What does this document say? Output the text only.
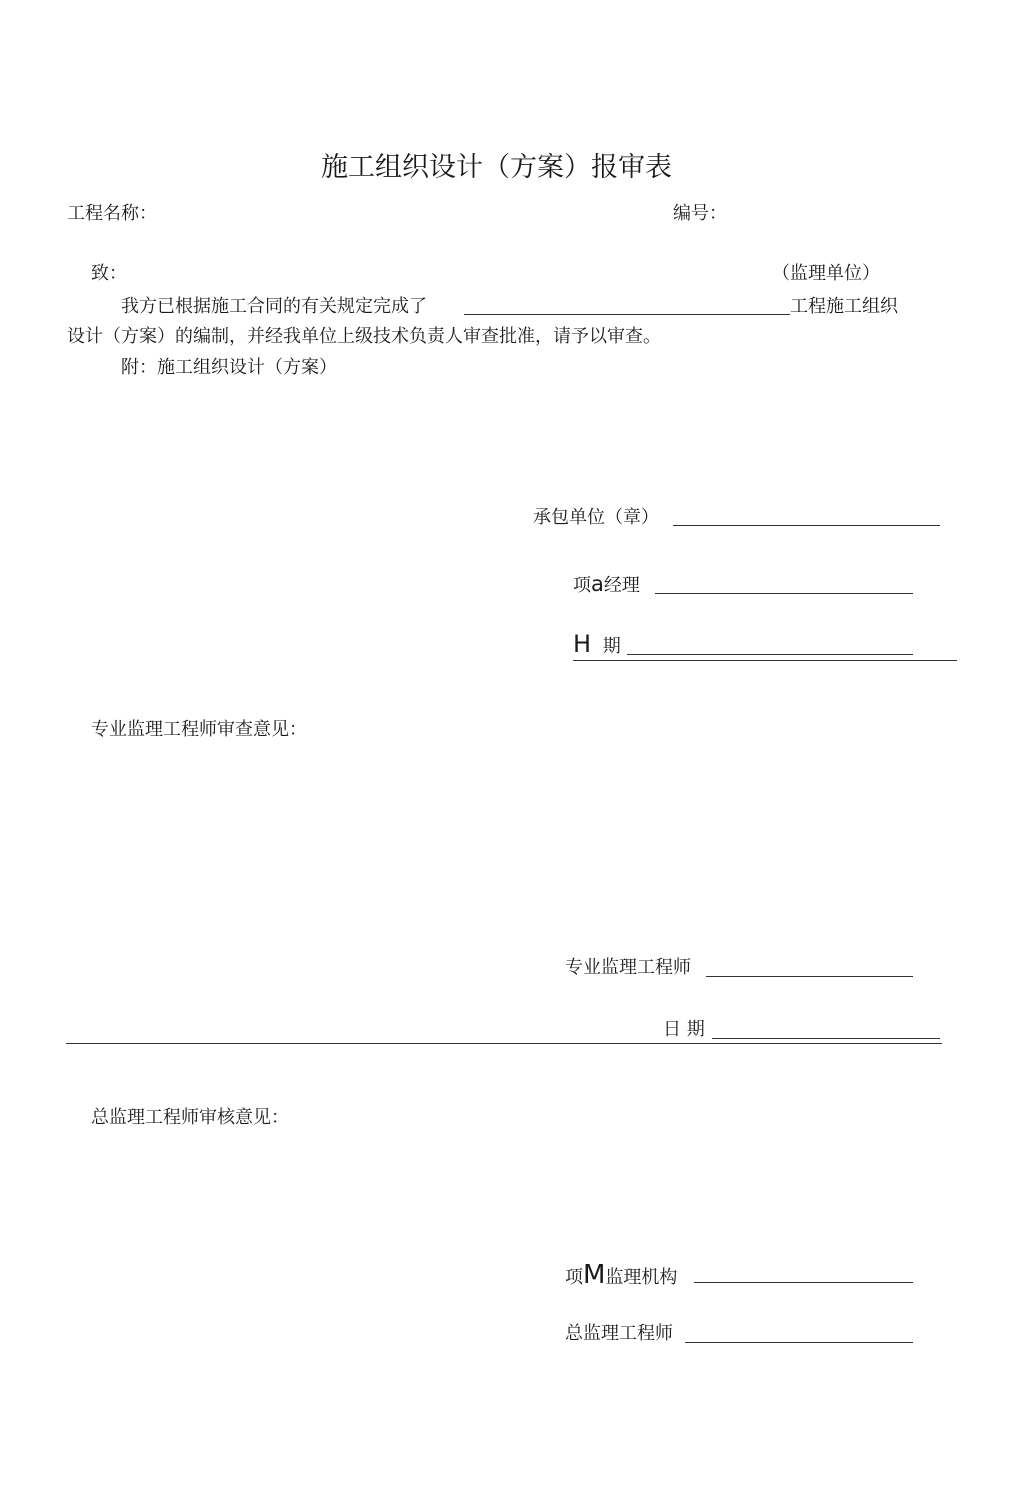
施工组织设计（方案）报审表
工程名称：	编号：
致：	（监理单位）
我方已根据施工合同的有关规定完成了	工程施工组织
设计（方案）的编制，并经我单位上级技术负责人审查批准，请予以审查。
附：施工组织设计（方案）
承包单位（章）
项a经理
H 期
专业监理工程师审查意见：
专业监理工程师
日 期
总监理工程师审核意见：
项M监理机构
总监理工程师
